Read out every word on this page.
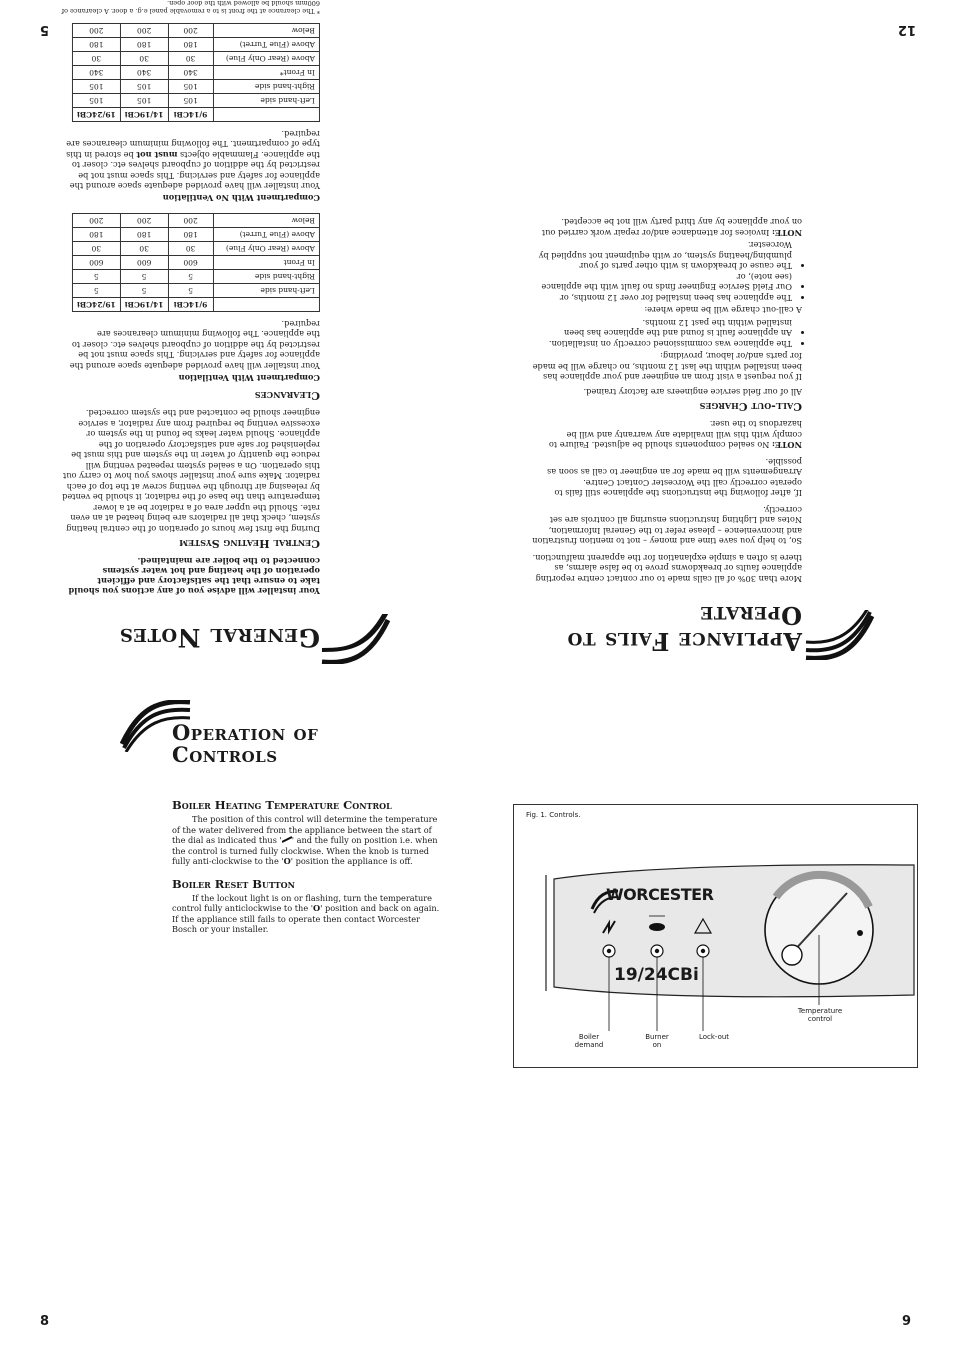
5	12
8	9
General Notes

Your installer will advise you of any actions you should take to ensure that the satisfactory and efficient operation of the heating and hot water systems connected to the boiler are maintained.

Central Heating System

During the first few hours of operation of the central heating system, check that all radiators are being heated at an even rate. Should the upper area of a radiator be at a lower temperature than the base of the radiator, it should be vented by releasing air through the venting screw at the top of each radiator. Make sure your installer shows you how to carry out this operation. On a sealed system repeated venting will reduce the quantity of water in the system and this must be replenished for safe and satisfactory operation of the appliance. Should water leaks be found in the system or excessive venting be required from any radiator, a service engineer should be contacted and the system corrected.

Clearances
Compartment With Ventilation

Your installer will have provided adequate space around the appliance for safety and servicing. This space must not be restricted by the addition of cupboard shelves etc. closer to the appliance. The following minimum clearances are required.

	9/14CBi	14/19CBi	19/24CBi
Left-hand side	5	5	5
Right-hand side	5	5	5
In Front	600	600	600
Above (Rear Only Flue)	30	30	30
Above (Flue Turret)	180	180	180
Below	200	200	200
Compartment With No Ventilation

Your installer will have provided adequate space around the appliance for safety and servicing. This space must not be restricted by the addition of cupboard shelves etc. closer to the appliance. Flammable objects must not be stored in this type of compartment. The following minimum clearances are required.

	9/14CBi	14/19CBi	19/24CBi
Left-hand side	105	105	105
Right-hand side	105	105	105
In Front*	340	340	340
Above (Rear Only Flue)	30	30	30
Above (Flue Turret)	180	180	180
Below	200	200	200

* The clearance at the front is to a removable panel e.g. a door. A clearance of 600mm should be allowed with the door open.

Appliance Fails to
Operate

More than 30% of all calls made to our contact centre reporting appliance faults or breakdowns prove to be false alarms, as there is often a simple explanation for the apparent malfunction.

So, to help you save time and money – not to mention frustration and inconvenience – please refer to the General Information, Notes and Lighting Instructions ensuring all controls are set correctly.

If, after following the instructions the appliance still fails to operate correctly call the Worcester Contact Centre. Arrangements will be made for an engineer to call as soon as possible.

NOTE: No sealed components should be adjusted. Failure to comply with this will invalidate any warranty and will be hazardous to the user.

Call-out Charges

All of our field service engineers are factory trained.

If you request a visit from an engineer and your appliance has been installed within the last 12 months, no charge will be made for parts and/or labour, providing:

• The appliance was commissioned correctly on installation.
• An appliance fault is found and the appliance has been installed within the past 12 months.

A call-out charge will be made where:

• The appliance has been installed for over 12 months, or
• Our Field Service Engineer finds no fault with the appliance (see note), or
• The cause of breakdown is with other parts of your plumbing/heating system, or with equipment not supplied by Worcester.

NOTE: Invoices for attendance and/or repair work carried out on your appliance by any third party will not be accepted.

Operation of
Controls
Boiler Heating Temperature Control

The position of this control will determine the temperature of the water delivered from the appliance between the start of the dial as indicated thus ' ' and the fully on position i.e. when the control is turned fully clockwise. When the knob is turned fully anti-clockwise to the 'O' position the appliance is off.

Boiler Reset Button

If the lockout light is on or flashing, turn the temperature control fully anticlockwise to the 'O' position and back on again. If the appliance still fails to operate then contact Worcester Bosch or your installer.

Fig. 1. Controls.
WORCESTER
19/24CBi
Boiler demand
Burner on
Lock-out
Temperature control
